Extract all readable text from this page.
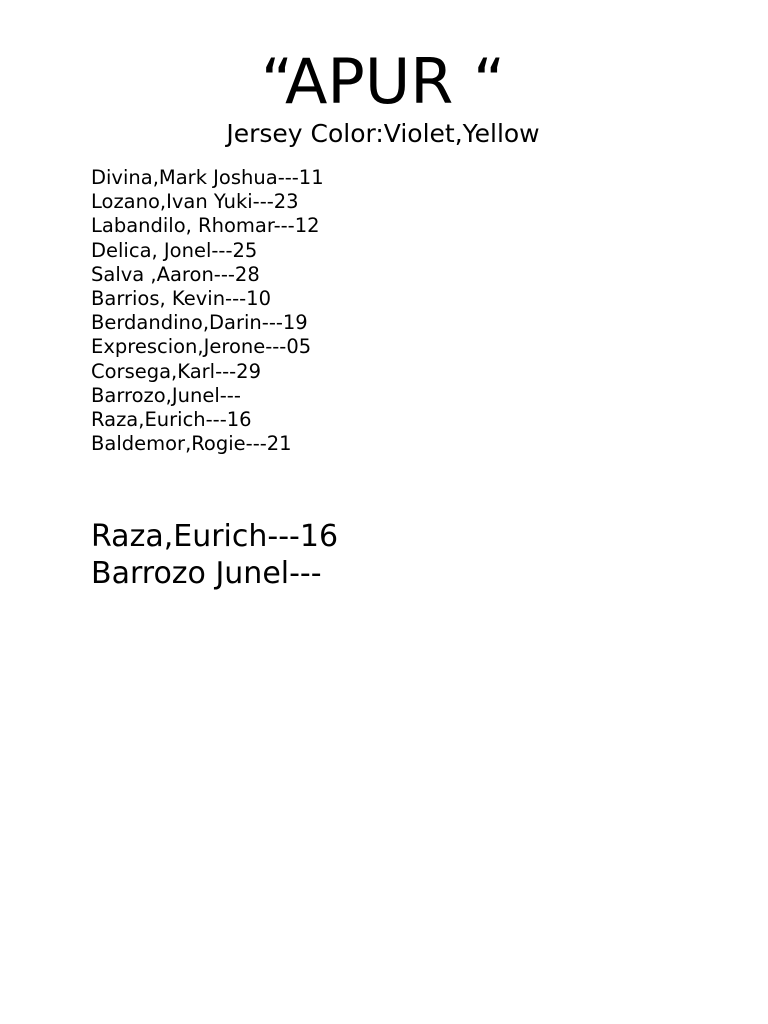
“APUR “
Jersey Color:Violet,Yellow
Divina,Mark Joshua---11
Lozano,Ivan Yuki---23
Labandilo, Rhomar---12
Delica, Jonel---25
Salva ,Aaron---28
Barrios, Kevin---10
Berdandino,Darin---19
Exprescion,Jerone---05
Corsega,Karl---29
Barrozo,Junel---
Raza,Eurich---16
Baldemor,Rogie---21
Raza,Eurich---16
Barrozo Junel---
